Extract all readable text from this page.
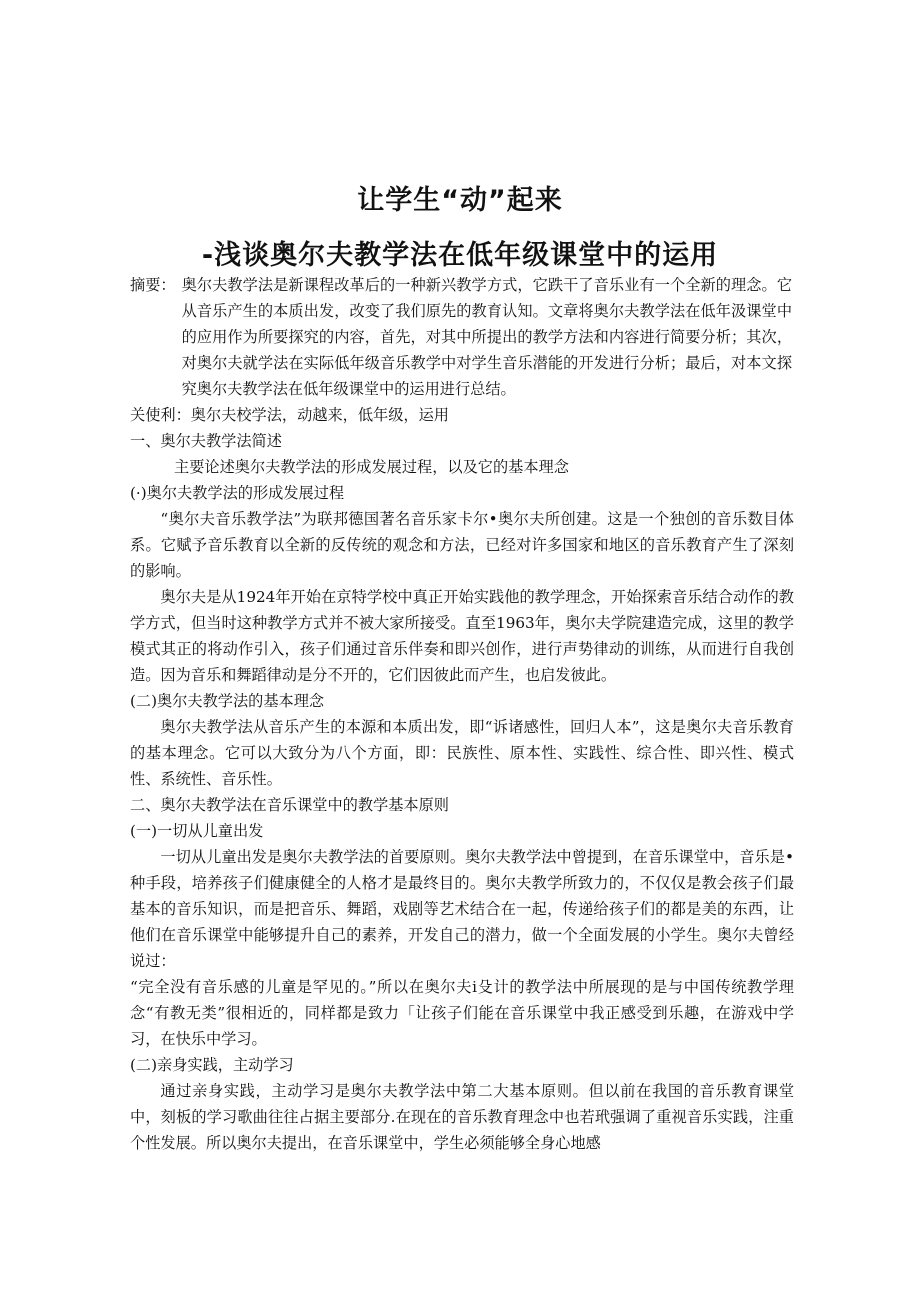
让学生“动”起来
-浅谈奥尔夫教学法在低年级课堂中的运用
摘要： 奥尔夫教学法是新课程改革后的一种新兴教学方式，它跌干了音乐业有一个全新的理念。它从音乐产生的本质出发，改变了我们原先的教育认知。文章将奥尔夫教学法在低年汲课堂中的应用作为所要探究的内容，首先，对其中所提出的教学方法和内容进行简要分析；其次，对奥尔夫就学法在实际低年级音乐教学中对学生音乐潜能的开发进行分析；最后，对本文探究奥尔夫教学法在低年级课堂中的运用进行总结。

关使利：奥尔夫校学法，动越来，低年级，运用

一、奥尔夫教学法简述

主要论述奥尔夫教学法的形成发展过程，以及它的基本理念

(·)奥尔夫教学法的形成发展过程

“奥尔夫音乐教学法”为联邦德国著名音乐家卡尔•奥尔夫所创建。这是一个独创的音乐数目体系。它赋予音乐教育以全新的反传统的观念和方法，已经对许多国家和地区的音乐教育产生了深刻的影响。

奥尔夫是从1924年开始在京特学校中真正开始实践他的教学理念，开始探索音乐结合动作的教学方式，但当时这种教学方式并不被大家所接受。直至1963年，奥尔夫学院建造完成，这里的教学模式其正的将动作引入，孩子们通过音乐伴奏和即兴创作，进行声势律动的训练，从而进行自我创造。因为音乐和舞蹈律动是分不开的，它们因彼此而产生，也启发彼此。

(二)奥尔夫教学法的基本理念

奥尔夫教学法从音乐产生的本源和本质出发，即“诉诸感性，回归人本”，这是奥尔夫音乐教育的基本理念。它可以大致分为八个方面，即：民族性、原本性、实践性、综合性、即兴性、模式性、系统性、音乐性。

二、奥尔夫教学法在音乐课堂中的教学基本原则

(一)一切从儿童出发

一切从儿童出发是奥尔夫教学法的首要原则。奥尔夫教学法中曾提到，在音乐课堂中，音乐是•种手段，培养孩子们健康健全的人格才是最终目的。奥尔夫教学所致力的，不仅仅是教会孩子们最基本的音乐知识，而是把音乐、舞蹈，戏剧等艺术结合在一起，传递给孩子们的都是美的东西，让他们在音乐课堂中能够提升自己的素养，开发自己的潜力，做一个全面发展的小学生。奥尔夫曾经说过：

“完全没有音乐感的儿童是罕见的。”所以在奥尔夫i殳计的教学法中所展现的是与中国传统教学理念“有教无类”很相近的，同样都是致力「让孩子们能在音乐课堂中我正感受到乐趣，在游戏中学习，在快乐中学习。

(二)亲身实践，主动学习

通过亲身实践，主动学习是奥尔夫教学法中第二大基本原则。但以前在我国的音乐教育课堂中，刻板的学习歌曲往往占据主要部分.在现在的音乐教育理念中也若玳强调了重视音乐实践，注重个性发展。所以奥尔夫提出，在音乐课堂中，学生必须能够全身心地感
